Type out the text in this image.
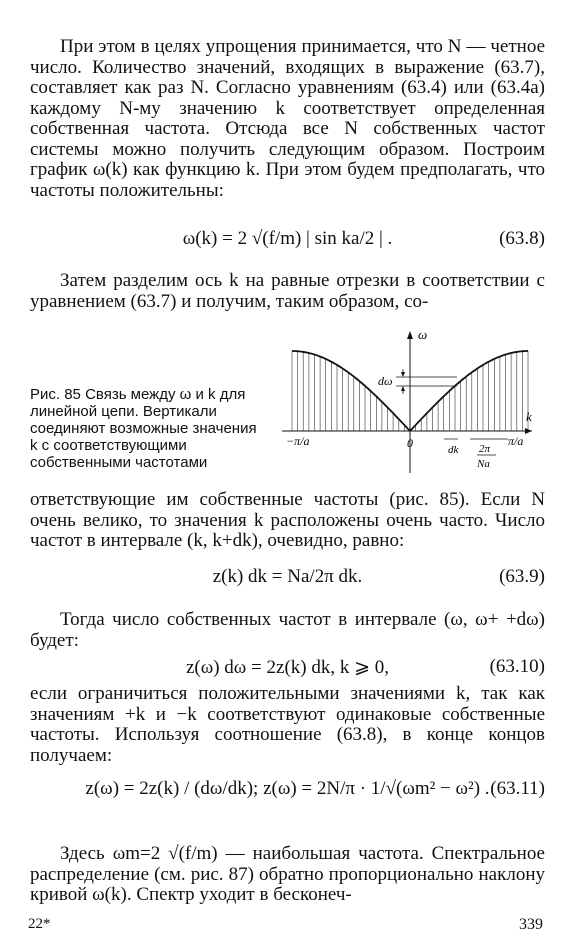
При этом в целях упрощения принимается, что N — четное число. Количество значений, входящих в выражение (63.7), составляет как раз N. Согласно уравнениям (63.4) или (63.4а) каждому N-му значению k соответствует определенная собственная частота. Отсюда все N собственных частот системы можно получить следующим образом. Построим график ω(k) как функцию k. При этом будем предполагать, что частоты положительны:

ω(k) = 2 √(f/m) | sin ka/2 | .	(63.8)

Затем разделим ось k на равные отрезки в соответствии с уравнением (63.7) и получим, таким образом, со-

Рис. 85 Связь между ω и k для линейной цепи. Вертикали соединяют возможные значения k с соответствующими собственными частотами

ω
k
dω
−π/a	0	π/a
dk 2π
Na

ответствующие им собственные частоты (рис. 85). Если N очень велико, то значения k расположены очень часто. Число частот в интервале (k, k+dk), очевидно, равно:

z(k) dk = Na/2π dk.	(63.9)

Тогда число собственных частот в интервале (ω, ω+ +dω) будет:

z(ω) dω = 2z(k) dk, k ⩾ 0,	(63.10)

если ограничиться положительными значениями k, так как значениям +k и −k соответствуют одинаковые собственные частоты. Используя соотношение (63.8), в конце концов получаем:

z(ω) = 2z(k) / (dω/dk); z(ω) = 2N/π · 1/√(ωm² − ω²) . (63.11)

Здесь ωm=2 √(f/m) — наибольшая частота. Спектральное распределение (см. рис. 87) обратно пропорционально наклону кривой ω(k). Спектр уходит в бесконеч-

22*	339
